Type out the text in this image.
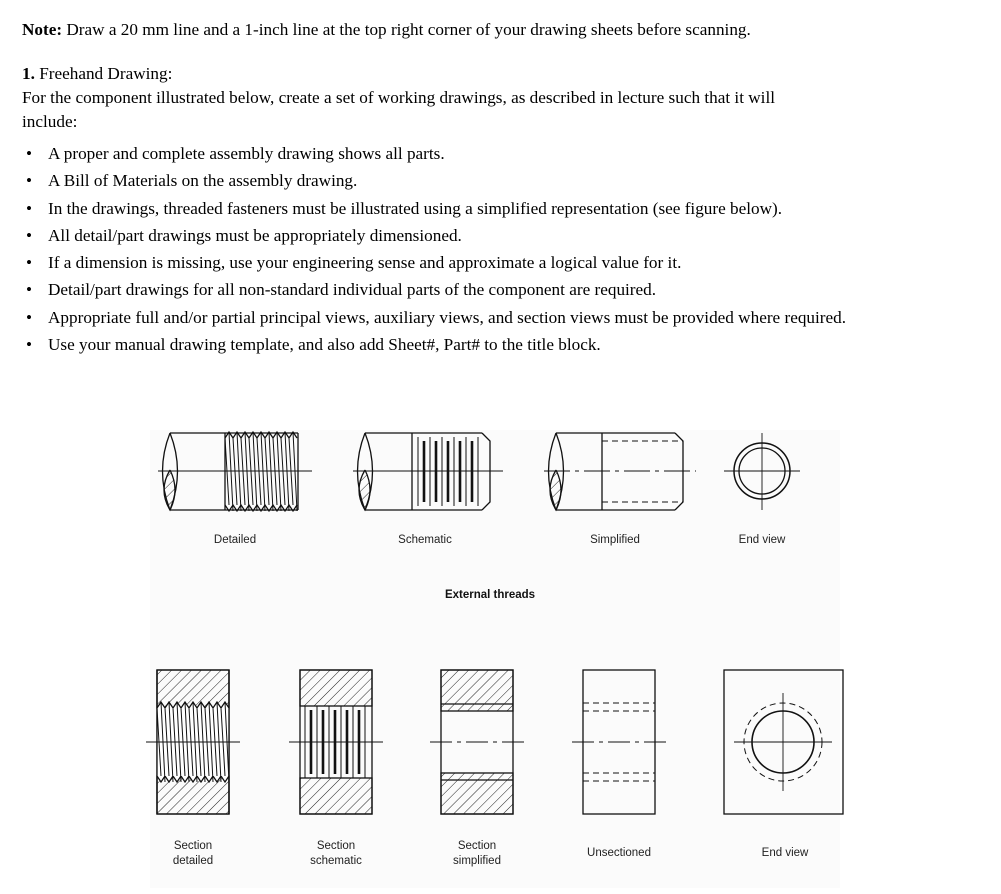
Note: Draw a 20 mm line and a 1-inch line at the top right corner of your drawing sheets before scanning.
1. Freehand Drawing:
For the component illustrated below, create a set of working drawings, as described in lecture such that it will
include:
• A proper and complete assembly drawing shows all parts.
• A Bill of Materials on the assembly drawing.
• In the drawings, threaded fasteners must be illustrated using a simplified representation (see figure below).
• All detail/part drawings must be appropriately dimensioned.
• If a dimension is missing, use your engineering sense and approximate a logical value for it.
• Detail/part drawings for all non-standard individual parts of the component are required.
• Appropriate full and/or partial principal views, auxiliary views, and section views must be provided where required.
• Use your manual drawing template, and also add Sheet#, Part# to the title block.
Detailed	Schematic	Simplified	End view
External threads
Section
detailed
Section
schematic
Section
simplified
Unsectioned	End view
